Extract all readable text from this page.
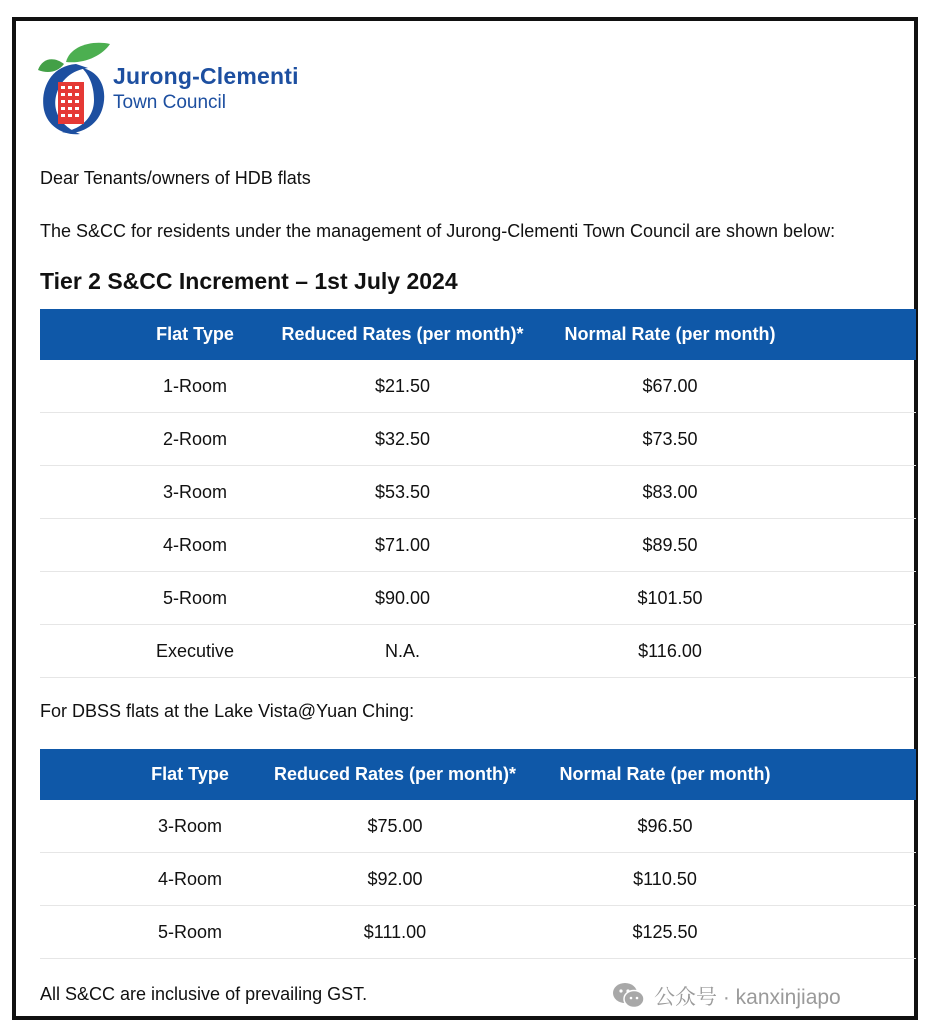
Jurong-Clementi
Town Council
Dear Tenants/owners of HDB flats
The S&CC for residents under the management of Jurong-Clementi Town Council are shown below:
Tier 2 S&CC Increment – 1st July 2024
Flat Type	Reduced Rates (per month)*	Normal Rate (per month)
1-Room	$21.50	$67.00
2-Room	$32.50	$73.50
3-Room	$53.50	$83.00
4-Room	$71.00	$89.50
5-Room	$90.00	$101.50
Executive	N.A.	$116.00
For DBSS flats at the Lake Vista@Yuan Ching:
Flat Type	Reduced Rates (per month)*	Normal Rate (per month)
3-Room	$75.00	$96.50
4-Room	$92.00	$110.50
5-Room	$111.00	$125.50
All S&CC are inclusive of prevailing GST.	公众号 · kanxinjiapo
